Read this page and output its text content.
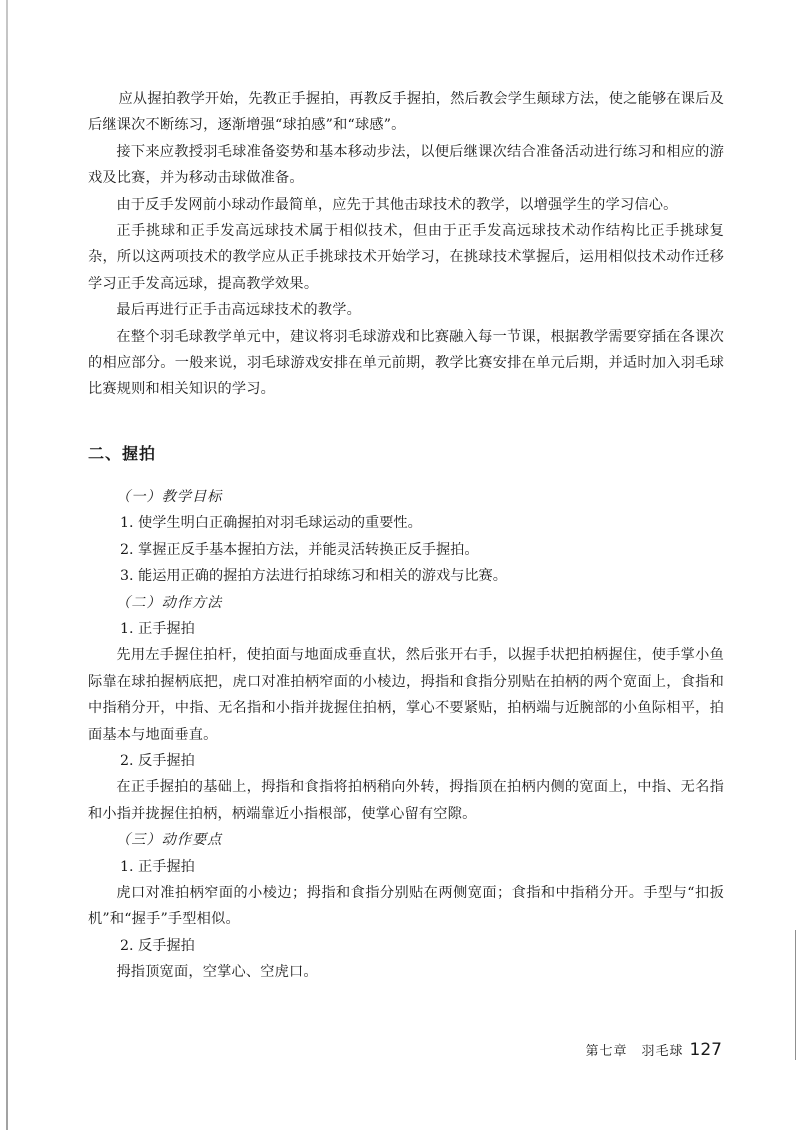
应从握拍教学开始，先教正手握拍，再教反手握拍，然后教会学生颠球方法，使之能够在课后及后继课次不断练习，逐渐增强“球拍感”和“球感”。

接下来应教授羽毛球准备姿势和基本移动步法，以便后继课次结合准备活动进行练习和相应的游戏及比赛，并为移动击球做准备。

由于反手发网前小球动作最简单，应先于其他击球技术的教学，以增强学生的学习信心。

正手挑球和正手发高远球技术属于相似技术，但由于正手发高远球技术动作结构比正手挑球复杂，所以这两项技术的教学应从正手挑球技术开始学习，在挑球技术掌握后，运用相似技术动作迁移学习正手发高远球，提高教学效果。

最后再进行正手击高远球技术的教学。

在整个羽毛球教学单元中，建议将羽毛球游戏和比赛融入每一节课，根据教学需要穿插在各课次的相应部分。一般来说，羽毛球游戏安排在单元前期，教学比赛安排在单元后期，并适时加入羽毛球比赛规则和相关知识的学习。

二、握拍

（一）教学目标

1. 使学生明白正确握拍对羽毛球运动的重要性。

2. 掌握正反手基本握拍方法，并能灵活转换正反手握拍。

3. 能运用正确的握拍方法进行拍球练习和相关的游戏与比赛。

（二）动作方法

1. 正手握拍

先用左手握住拍杆，使拍面与地面成垂直状，然后张开右手，以握手状把拍柄握住，使手掌小鱼际靠在球拍握柄底把，虎口对准拍柄窄面的小棱边，拇指和食指分别贴在拍柄的两个宽面上，食指和中指稍分开，中指、无名指和小指并拢握住拍柄，掌心不要紧贴，拍柄端与近腕部的小鱼际相平，拍面基本与地面垂直。

2. 反手握拍

在正手握拍的基础上，拇指和食指将拍柄稍向外转，拇指顶在拍柄内侧的宽面上，中指、无名指和小指并拢握住拍柄，柄端靠近小指根部，使掌心留有空隙。

（三）动作要点

1. 正手握拍

虎口对准拍柄窄面的小棱边；拇指和食指分别贴在两侧宽面；食指和中指稍分开。手型与“扣扳机”和“握手”手型相似。

2. 反手握拍

拇指顶宽面，空掌心、空虎口。

第七章　羽毛球 127
